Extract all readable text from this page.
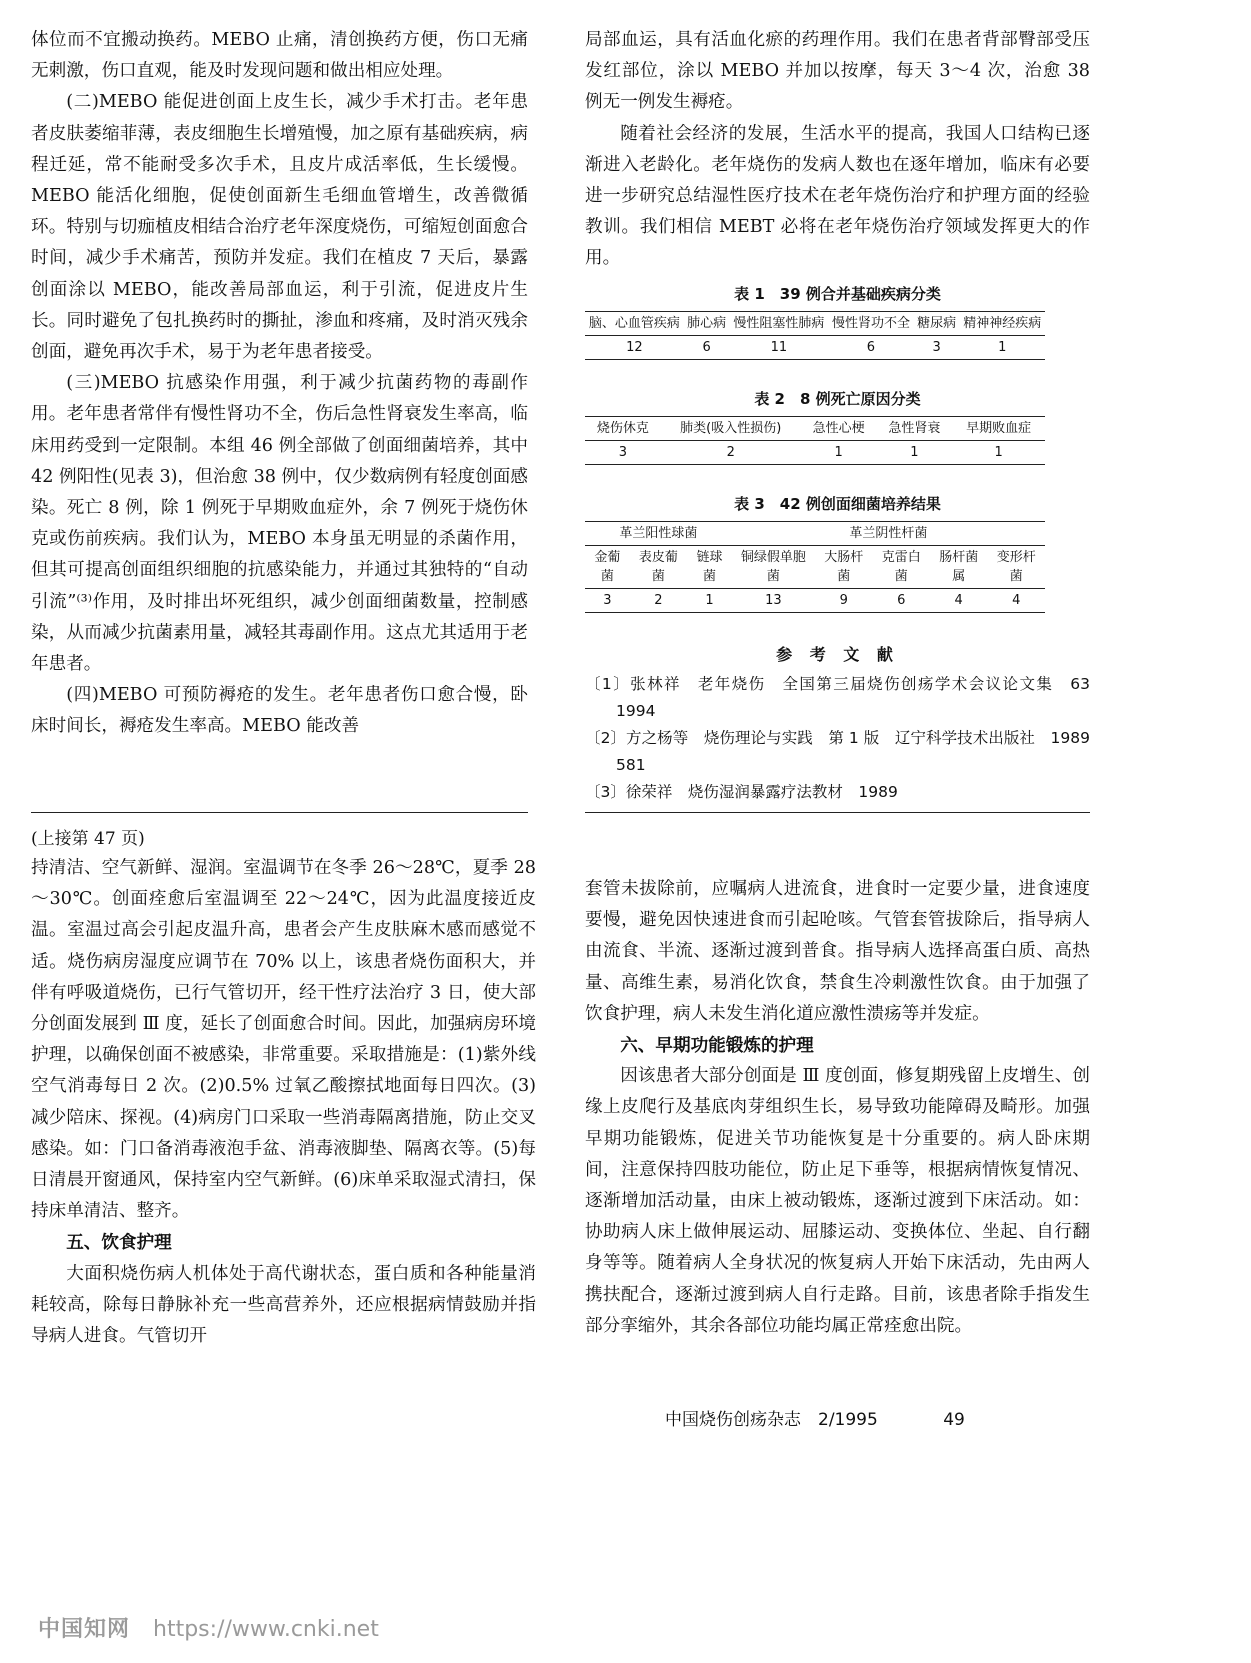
体位而不宜搬动换药。MEBO 止痛，清创换药方便，伤口无痛无刺激，伤口直观，能及时发现问题和做出相应处理。

(二)MEBO 能促进创面上皮生长，减少手术打击。老年患者皮肤萎缩菲薄，表皮细胞生长增殖慢，加之原有基础疾病，病程迁延，常不能耐受多次手术，且皮片成活率低，生长缓慢。MEBO 能活化细胞，促使创面新生毛细血管增生，改善微循环。特别与切痂植皮相结合治疗老年深度烧伤，可缩短创面愈合时间，减少手术痛苦，预防并发症。我们在植皮 7 天后，暴露创面涂以 MEBO，能改善局部血运，利于引流，促进皮片生长。同时避免了包扎换药时的撕扯，渗血和疼痛，及时消灭残余创面，避免再次手术，易于为老年患者接受。

(三)MEBO 抗感染作用强，利于减少抗菌药物的毒副作用。老年患者常伴有慢性肾功不全，伤后急性肾衰发生率高，临床用药受到一定限制。本组 46 例全部做了创面细菌培养，其中 42 例阳性(见表 3)，但治愈 38 例中，仅少数病例有轻度创面感染。死亡 8 例，除 1 例死于早期败血症外，余 7 例死于烧伤休克或伤前疾病。我们认为，MEBO 本身虽无明显的杀菌作用，但其可提高创面组织细胞的抗感染能力，并通过其独特的“自动引流”⁽³⁾作用，及时排出坏死组织，减少创面细菌数量，控制感染，从而减少抗菌素用量，减轻其毒副作用。这点尤其适用于老年患者。

(四)MEBO 可预防褥疮的发生。老年患者伤口愈合慢，卧床时间长，褥疮发生率高。MEBO 能改善

局部血运，具有活血化瘀的药理作用。我们在患者背部臀部受压发红部位，涂以 MEBO 并加以按摩，每天 3～4 次，治愈 38 例无一例发生褥疮。

随着社会经济的发展，生活水平的提高，我国人口结构已逐渐进入老龄化。老年烧伤的发病人数也在逐年增加，临床有必要进一步研究总结湿性医疗技术在老年烧伤治疗和护理方面的经验教训。我们相信 MEBT 必将在老年烧伤治疗领域发挥更大的作用。

表 1　39 例合并基础疾病分类
脑、心血管疾病	肺心病	慢性阻塞性肺病	慢性肾功不全	糖尿病	精神神经疾病
12	6	11	6	3	1
表 2　8 例死亡原因分类
烧伤休克	肺类(吸入性损伤)	急性心梗	急性肾衰	早期败血症
3	2	1	1	1
表 3　42 例创面细菌培养结果
革兰阳性球菌			革兰阴性杆菌				
金葡菌	表皮葡菌	链球菌	铜绿假单胞菌	大肠杆菌	克雷白菌	肠杆菌属	变形杆菌
3	2	1	13	9	6	4	4
参 考 文 献
〔1〕张林祥　老年烧伤　全国第三届烧伤创疡学术会议论文集　63　1994
〔2〕方之杨等　烧伤理论与实践　第 1 版　辽宁科学技术出版社　1989　581
〔3〕徐荣祥　烧伤湿润暴露疗法教材　1989
(上接第 47 页)

持清洁、空气新鲜、湿润。室温调节在冬季 26～28℃，夏季 28～30℃。创面痊愈后室温调至 22～24℃，因为此温度接近皮温。室温过高会引起皮温升高，患者会产生皮肤麻木感而感觉不适。烧伤病房湿度应调节在 70% 以上，该患者烧伤面积大，并伴有呼吸道烧伤，已行气管切开，经干性疗法治疗 3 日，使大部分创面发展到 Ⅲ 度，延长了创面愈合时间。因此，加强病房环境护理，以确保创面不被感染，非常重要。采取措施是：(1)紫外线空气消毒每日 2 次。(2)0.5% 过氧乙酸擦拭地面每日四次。(3)减少陪床、探视。(4)病房门口采取一些消毒隔离措施，防止交叉感染。如：门口备消毒液泡手盆、消毒液脚垫、隔离衣等。(5)每日清晨开窗通风，保持室内空气新鲜。(6)床单采取湿式清扫，保持床单清洁、整齐。

五、饮食护理

大面积烧伤病人机体处于高代谢状态，蛋白质和各种能量消耗较高，除每日静脉补充一些高营养外，还应根据病情鼓励并指导病人进食。气管切开

套管未拔除前，应嘱病人进流食，进食时一定要少量，进食速度要慢，避免因快速进食而引起呛咳。气管套管拔除后，指导病人由流食、半流、逐渐过渡到普食。指导病人选择高蛋白质、高热量、高维生素，易消化饮食，禁食生冷刺激性饮食。由于加强了饮食护理，病人未发生消化道应激性溃疡等并发症。

六、早期功能锻炼的护理

因该患者大部分创面是 Ⅲ 度创面，修复期残留上皮增生、创缘上皮爬行及基底肉芽组织生长，易导致功能障碍及畸形。加强早期功能锻炼，促进关节功能恢复是十分重要的。病人卧床期间，注意保持四肢功能位，防止足下垂等，根据病情恢复情况、逐渐增加活动量，由床上被动锻炼，逐渐过渡到下床活动。如：协助病人床上做伸展运动、屈膝运动、变换体位、坐起、自行翻身等等。随着病人全身状况的恢复病人开始下床活动，先由两人携扶配合，逐渐过渡到病人自行走路。目前，该患者除手指发生部分挛缩外，其余各部位功能均属正常痊愈出院。

中国烧伤创疡杂志　2/1995	49
中国知网 https://www.cnki.net
